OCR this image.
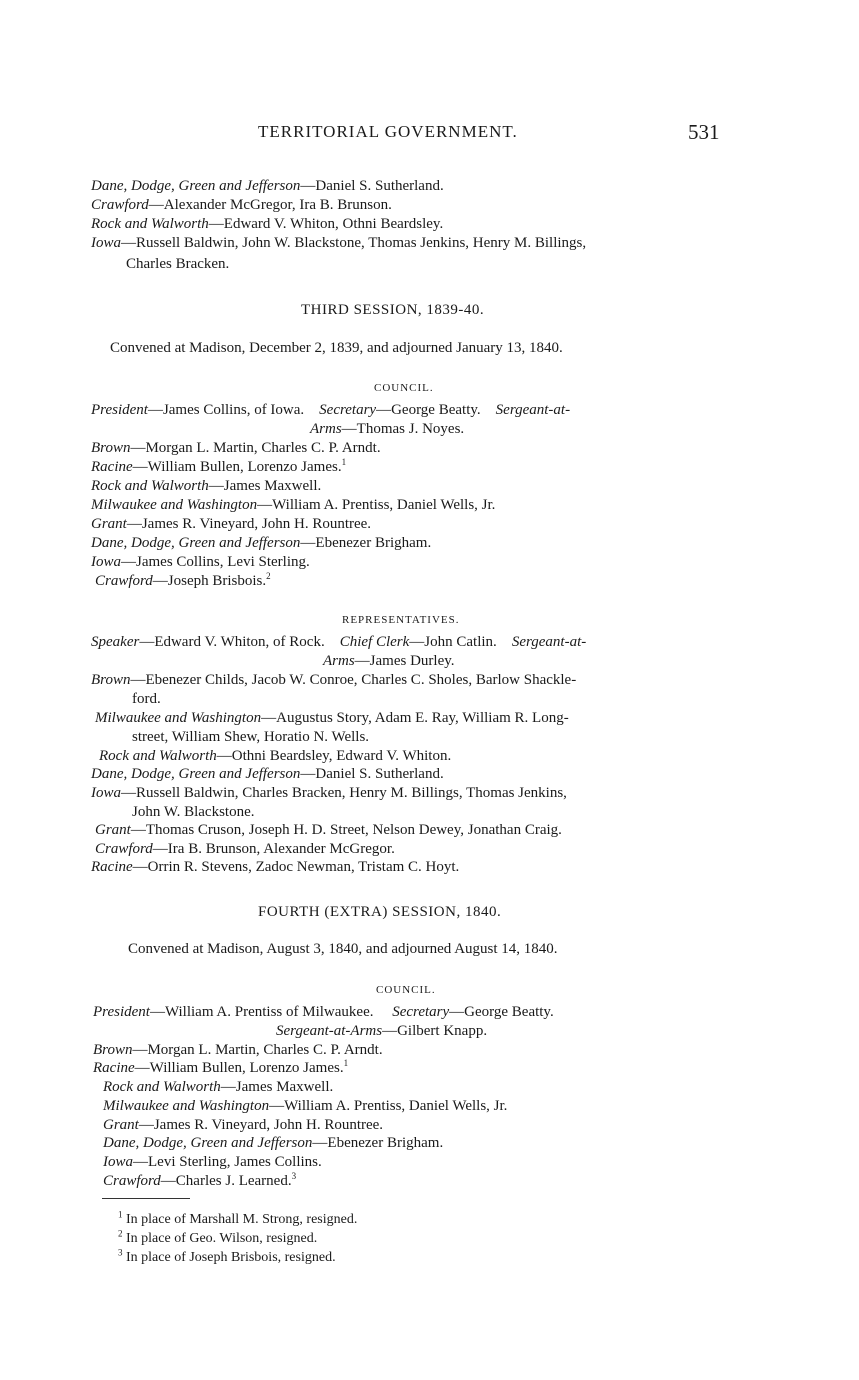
TERRITORIAL GOVERNMENT.	531
Dane, Dodge, Green and Jefferson—Daniel S. Sutherland.
Crawford—Alexander McGregor, Ira B. Brunson.
Rock and Walworth—Edward V. Whiton, Othni Beardsley.
Iowa—Russell Baldwin, John W. Blackstone, Thomas Jenkins, Henry M. Billings,
Charles Bracken.
THIRD SESSION, 1839-40.
Convened at Madison, December 2, 1839, and adjourned January 13, 1840.
COUNCIL.
President—James Collins, of Iowa. Secretary—George Beatty. Sergeant-at-
Arms—Thomas J. Noyes.
Brown—Morgan L. Martin, Charles C. P. Arndt.
Racine—William Bullen, Lorenzo James.$^1$
Rock and Walworth—James Maxwell.
Milwaukee and Washington—William A. Prentiss, Daniel Wells, Jr.
Grant—James R. Vineyard, John H. Rountree.
Dane, Dodge, Green and Jefferson—Ebenezer Brigham.
Iowa—James Collins, Levi Sterling.
Crawford—Joseph Brisbois.$^2$
REPRESENTATIVES.
Speaker—Edward V. Whiton, of Rock. Chief Clerk—John Catlin. Sergeant-at-
Arms—James Durley.
Brown—Ebenezer Childs, Jacob W. Conroe, Charles C. Sholes, Barlow Shackle-
ford.
Milwaukee and Washington—Augustus Story, Adam E. Ray, William R. Long-
street, William Shew, Horatio N. Wells.
Rock and Walworth—Othni Beardsley, Edward V. Whiton.
Dane, Dodge, Green and Jefferson—Daniel S. Sutherland.
Iowa—Russell Baldwin, Charles Bracken, Henry M. Billings, Thomas Jenkins,
John W. Blackstone.
Grant—Thomas Cruson, Joseph H. D. Street, Nelson Dewey, Jonathan Craig.
Crawford—Ira B. Brunson, Alexander McGregor.
Racine—Orrin R. Stevens, Zadoc Newman, Tristam C. Hoyt.
FOURTH (EXTRA) SESSION, 1840.
Convened at Madison, August 3, 1840, and adjourned August 14, 1840.
COUNCIL.
President—William A. Prentiss of Milwaukee. Secretary—George Beatty.
Sergeant-at-Arms—Gilbert Knapp.
Brown—Morgan L. Martin, Charles C. P. Arndt.
Racine—William Bullen, Lorenzo James.$^1$
Rock and Walworth—James Maxwell.
Milwaukee and Washington—William A. Prentiss, Daniel Wells, Jr.
Grant—James R. Vineyard, John H. Rountree.
Dane, Dodge, Green and Jefferson—Ebenezer Brigham.
Iowa—Levi Sterling, James Collins.
Crawford—Charles J. Learned.$^3$
$^1$ In place of Marshall M. Strong, resigned.
$^2$ In place of Geo. Wilson, resigned.
$^3$ In place of Joseph Brisbois, resigned.
